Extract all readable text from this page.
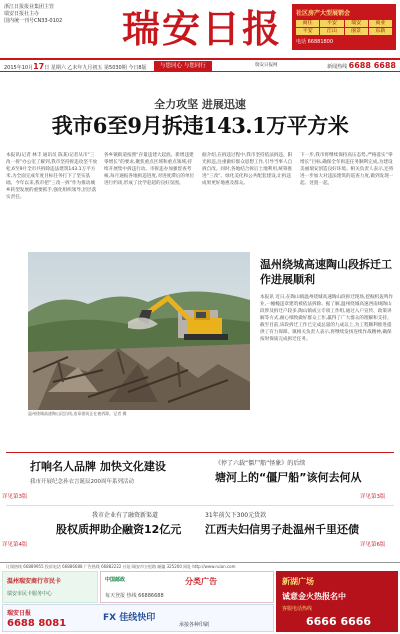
浙江日报报业集团主管
瑞安日报社主办
国内统一刊号CN33-0102	瑞安日报 社区房产大型展销会
商住	平安	瑞安	商业
平安	江山	丽景	东新
电话 66881800
2015年10月17日 星期六 乙未年九月初五 第5030期 今日8版	与您同心 与您同行	瑞安日报网	新闻热线 6688 6688
全力攻坚 进展迅速
我市6至9月拆违143.1万平方米
本报讯(记者 林丰 通讯员 陈某)记者从市“三改一拆”办公室了解到,我市坚持拆违攻坚不放松,6至9月全市共拆除违法建筑143.1万平方米,为全面完成年度目标任务打下了坚实基础。今年以来,我市把“三改一拆”作为推动城乡转型发展的重要抓手,强化组织领导,层层落实责任。
各乡镇街道按照“存量违建大起底、新增违建零增长”的要求,聚焦重点区域和重点领域,持续开展集中拆违行动。市拆违办加强督查考核,每月通报各地拆违进度,对进度滞后的单位进行约谈,形成了比学赶超的良好氛围。
据介绍,在拆违过程中,我市坚持依法拆违、阳光拆违,注重做好群众思想工作,引导当事人自拆自改。同时,各地结合拆后土地利用,统筹推进“三改”、绿化美化和公共配套建设,让拆违成果更好地惠及群众。
下一步,我市将继续保持高压态势,严格落实“零增长”目标,确保全年拆违任务顺利完成,为建设美丽瑞安创造良好环境。相关负责人表示,还将进一步加大对违法建筑的巡查力度,做到发现一起、处置一起。
温州绕城高速陶山段沿线,违章建筑正在被拆除。记者 摄
温州绕城高速陶山段拆迁工作进展顺利
本报讯 近日,在陶山镇温州绕城高速陶山段拆迁现场,挖掘机轰鸣作业,一幢幢违章建筑被依法拆除。据了解,温州绕城高速西南线陶山段涉及拆迁户较多,陶山镇成立专项工作组,通过入户宣传、政策讲解等方式,耐心细致做好群众工作,赢得了广大群众的理解和支持。截至目前,该段拆迁工作已完成总量的九成以上,为工程顺利推进提供了有力保障。镇相关负责人表示,将继续发扬连续作战精神,确保按时保质完成拆迁任务。
打响名人品牌 加快文化建设
我市开展纪念孙衣言诞辰200周年系列活动
详见第3版
《停了六载“僵尸船”怪象》的后续
塘河上的“僵尸船”该何去何从
详见第3版
我市企业有了融资新渠道
股权质押助企融资12亿元
详见第4版
31年前欠下300元货款
江西夫妇信男子赴温州千里还债
详见第6版
订阅热线 66889955 投诉电话 66886688 广告热线 66882222 社址:瑞安市万松路 邮编 325200 网址 http://www.ruian.com
温州瑞安商行市民卡
瑞安市民卡服务中心
中国邮政	分类广告
每天登报 热线 66886688
瑞安日报
6688 8081	FX 佳线快印
承接各种印刷
新湖广场
诚意金火热报名中
客服电话热线
6666 6666
